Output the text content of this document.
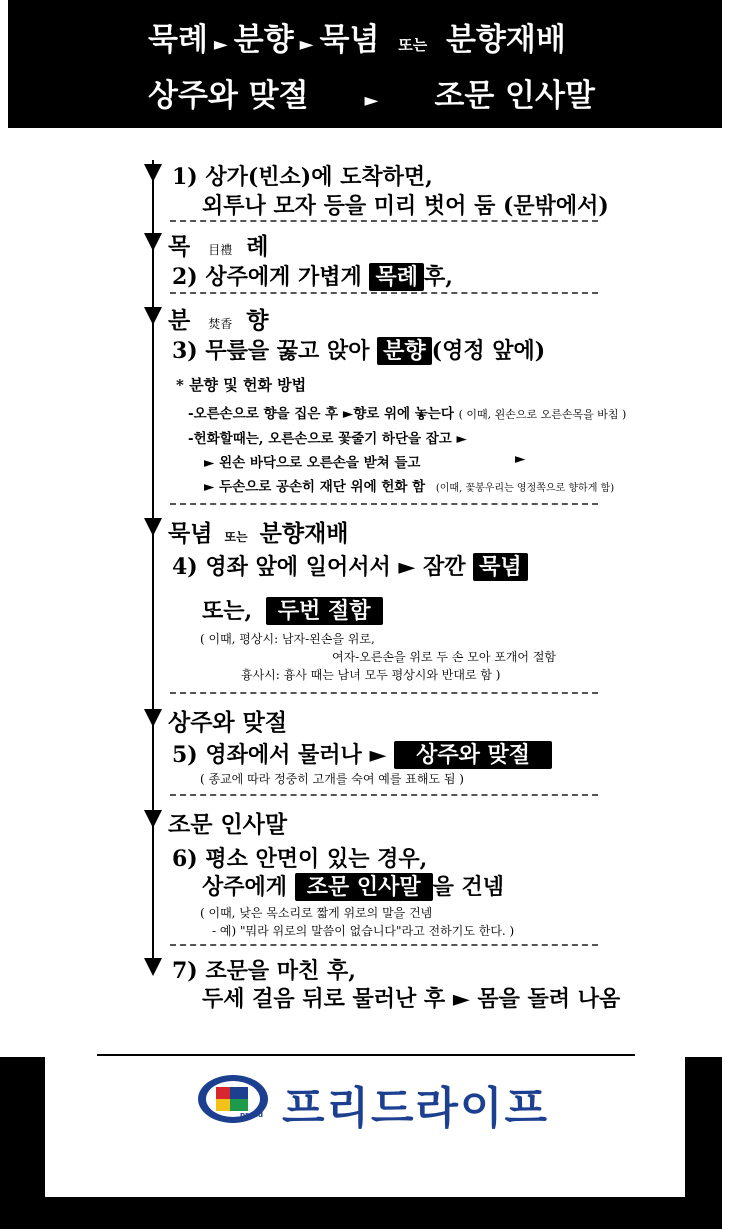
묵례 ► 분향 ► 묵념 또는 분향재배
상주와 맞절	► 조문 인사말
1) 상가(빈소)에 도착하면,
외투나 모자 등을 미리 벗어 둠 (문밖에서)
목 目禮 례
2) 상주에게 가볍게 목례 후,
분 焚香 향
3) 무릎을 꿇고 앉아 분향 (영정 앞에)
* 분향 및 헌화 방법
-오른손으로 향을 집은 후 ►향로 위에 놓는다 ( 이때, 왼손으로 오른손목을 바침 )
-헌화할때는, 오른손으로 꽃줄기 하단을 잡고 ►
► 왼손 바닥으로 오른손을 받쳐 들고	►
► 두손으로 공손히 재단 위에 헌화 함 (이때, 꽃봉우리는 영정쪽으로 향하게 함)
묵념 또는 분향재배
4) 영좌 앞에 일어서서 ► 잠깐 묵념
또는, 두번 절함
( 이때, 평상시: 남자-왼손을 위로,
여자-오른손을 위로 두 손 모아 포개어 절함
흉사시: 흉사 때는 남녀 모두 평상시와 반대로 함 )
상주와 맞절
5) 영좌에서 물러나 ► 상주와 맞절
( 종교에 따라 정중히 고개를 숙여 예를 표해도 됨 )
조문 인사말
6) 평소 안면이 있는 경우,
상주에게 조문 인사말 을 건넴
( 이때, 낮은 목소리로 짧게 위로의 말을 건넴
- 예) "뭐라 위로의 말씀이 없습니다"라고 전하기도 한다. )
7) 조문을 마친 후,
두세 걸음 뒤로 물러난 후 ► 몸을 돌려 나옴
preed 프리드라이프
